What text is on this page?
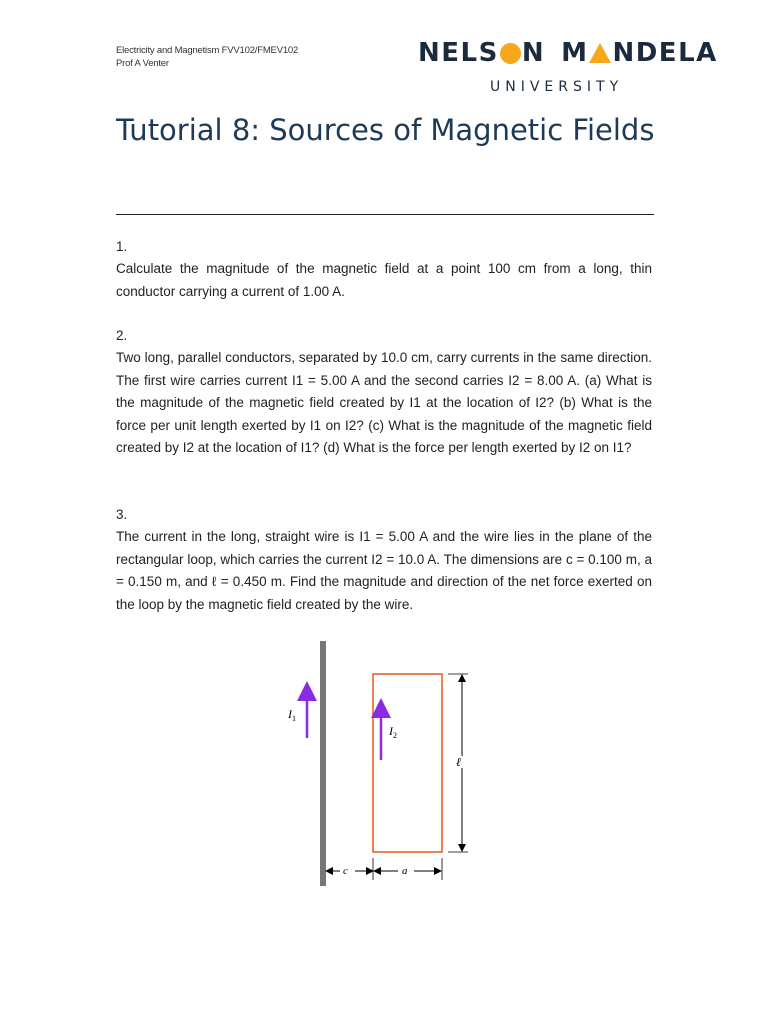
Electricity and Magnetism FVV102/FMEV102
Prof A Venter	NELS N M NDELA
UNIVERSITY
Tutorial 8: Sources of Magnetic Fields
1.
Calculate the magnitude of the magnetic field at a point 100 cm from a long, thin conductor carrying a current of 1.00 A.
2.
Two long, parallel conductors, separated by 10.0 cm, carry currents in the same direction. The first wire carries current I1 = 5.00 A and the second carries I2 = 8.00 A. (a) What is the magnitude of the magnetic field created by I1 at the location of I2? (b) What is the force per unit length exerted by I1 on I2? (c) What is the magnitude of the magnetic field created by I2 at the location of I1? (d) What is the force per length exerted by I2 on I1?
3.
The current in the long, straight wire is I1 = 5.00 A and the wire lies in the plane of the rectangular loop, which carries the current I2 = 10.0 A. The dimensions are c = 0.100 m, a = 0.150 m, and ℓ = 0.450 m. Find the magnitude and direction of the net force exerted on the loop by the magnetic field created by the wire.
$I_1$
$I_2$
ℓ
c	a
